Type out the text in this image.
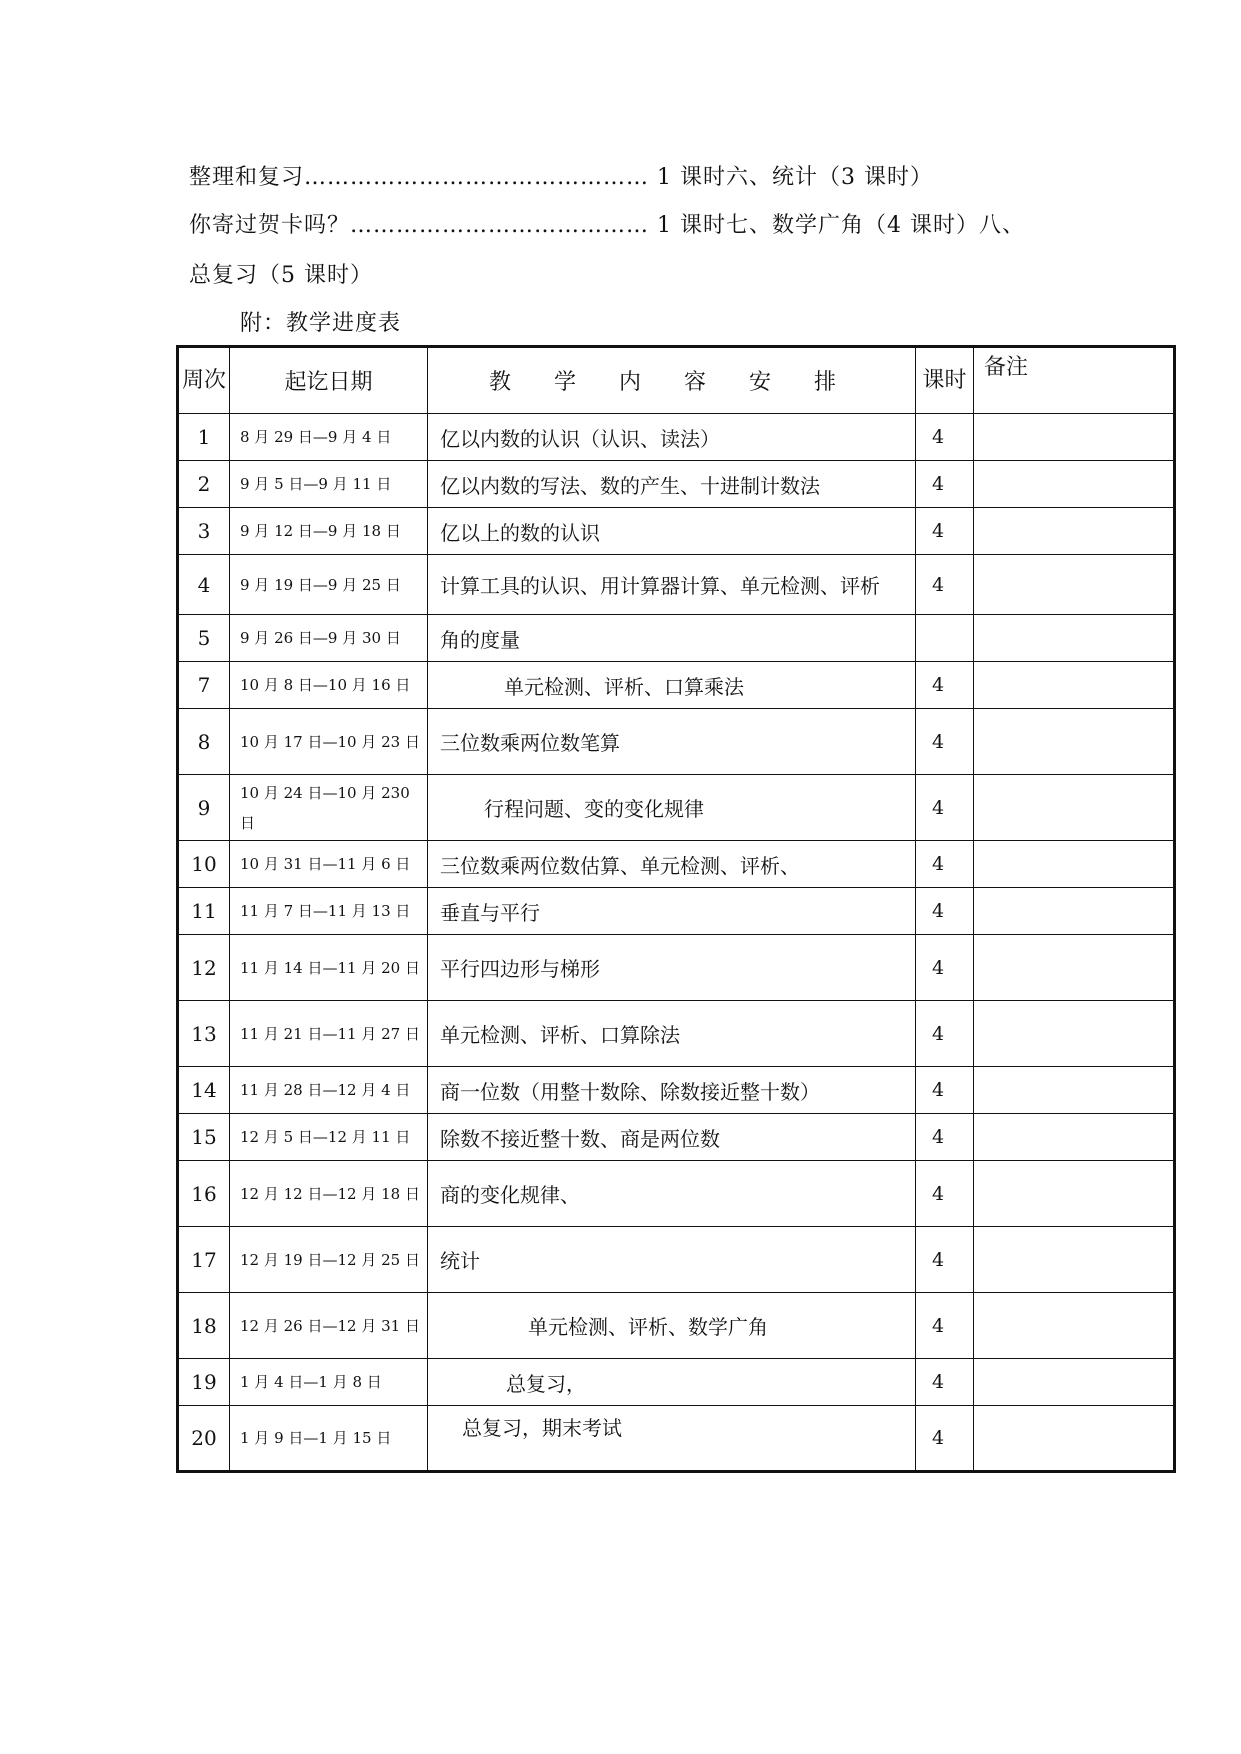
整理和复习……………………………………… 1 课时六、统计（3 课时）
你寄过贺卡吗？………………………………… 1 课时七、数学广角（4 课时）八、
总复习（5 课时）
附：教学进度表
周次	起讫日期	教 学 内 容 安 排	课时	备注
1	8 月 29 日—9 月 4 日	亿以内数的认识（认识、读法）	4	
2	9 月 5 日—9 月 11 日	亿以内数的写法、数的产生、十进制计数法	4	
3	9 月 12 日—9 月 18 日	亿以上的数的认识	4	
4	9 月 19 日—9 月 25 日	计算工具的认识、用计算器计算、单元检测、评析	4	
5	9 月 26 日—9 月 30 日	角的度量		
7	10 月 8 日—10 月 16 日	单元检测、评析、口算乘法	4	
8	10 月 17 日—10 月 23 日	三位数乘两位数笔算	4	
9	10 月 24 日—10 月 230 日	行程问题、变的变化规律	4	
10	10 月 31 日—11 月 6 日	三位数乘两位数估算、单元检测、评析、	4	
11	11 月 7 日—11 月 13 日	垂直与平行	4	
12	11 月 14 日—11 月 20 日	平行四边形与梯形	4	
13	11 月 21 日—11 月 27 日	单元检测、评析、口算除法	4	
14	11 月 28 日—12 月 4 日	商一位数（用整十数除、除数接近整十数）	4	
15	12 月 5 日—12 月 11 日	除数不接近整十数、商是两位数	4	
16	12 月 12 日—12 月 18 日	商的变化规律、	4	
17	12 月 19 日—12 月 25 日	统计	4	
18	12 月 26 日—12 月 31 日	单元检测、评析、数学广角	4	
19	1 月 4 日—1 月 8 日	总复习，	4	
20	1 月 9 日—1 月 15 日	总复习，期末考试	4	
